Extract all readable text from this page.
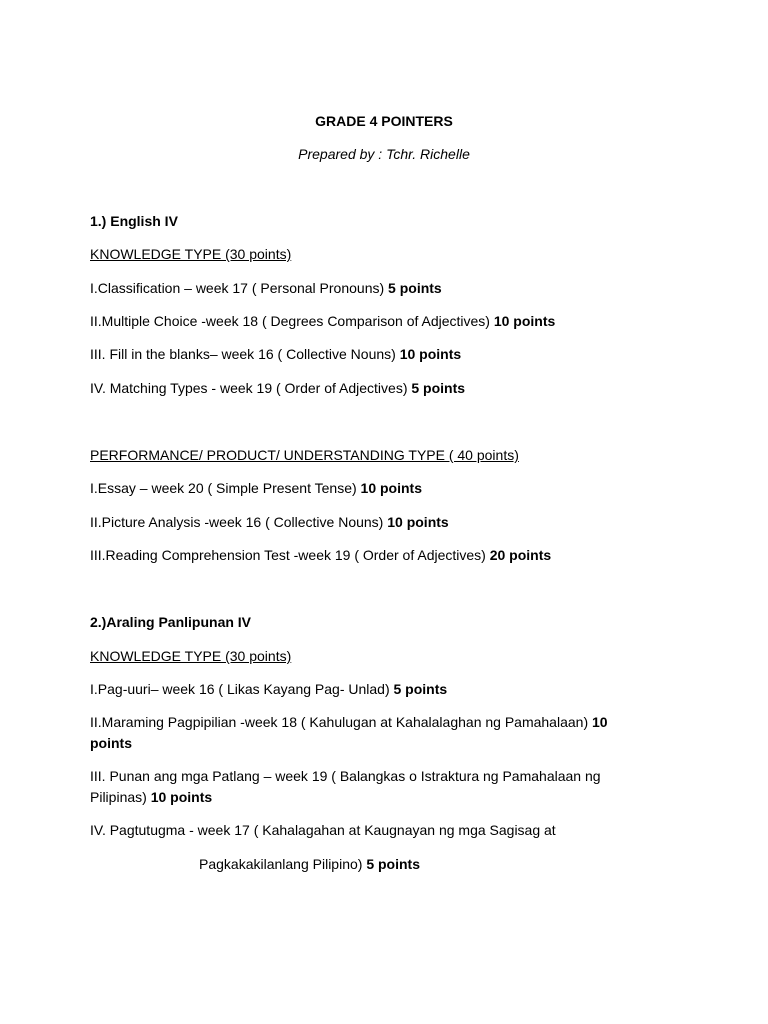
GRADE 4 POINTERS
Prepared by : Tchr. Richelle
1.) English IV
KNOWLEDGE TYPE (30 points)
I.Classification – week 17 ( Personal Pronouns) 5 points
II.Multiple Choice -week 18 ( Degrees Comparison of Adjectives) 10 points
III. Fill in the blanks– week 16 ( Collective Nouns) 10 points
IV. Matching Types - week 19 ( Order of Adjectives) 5 points
PERFORMANCE/ PRODUCT/ UNDERSTANDING TYPE ( 40 points)
I.Essay – week 20 ( Simple Present Tense) 10 points
II.Picture Analysis -week 16 ( Collective Nouns) 10 points
III.Reading Comprehension Test -week 19 ( Order of Adjectives) 20 points
2.)Araling Panlipunan IV
KNOWLEDGE TYPE (30 points)
I.Pag-uuri– week 16 ( Likas Kayang Pag- Unlad) 5 points
II.Maraming Pagpipilian -week 18 ( Kahulugan at Kahalalaghan ng Pamahalaan) 10 points
III. Punan ang mga Patlang – week 19 ( Balangkas o Istraktura ng Pamahalaan ng Pilipinas) 10 points
IV. Pagtutugma - week 17 ( Kahalagahan at Kaugnayan ng mga Sagisag at
Pagkakakilanlang Pilipino) 5 points
